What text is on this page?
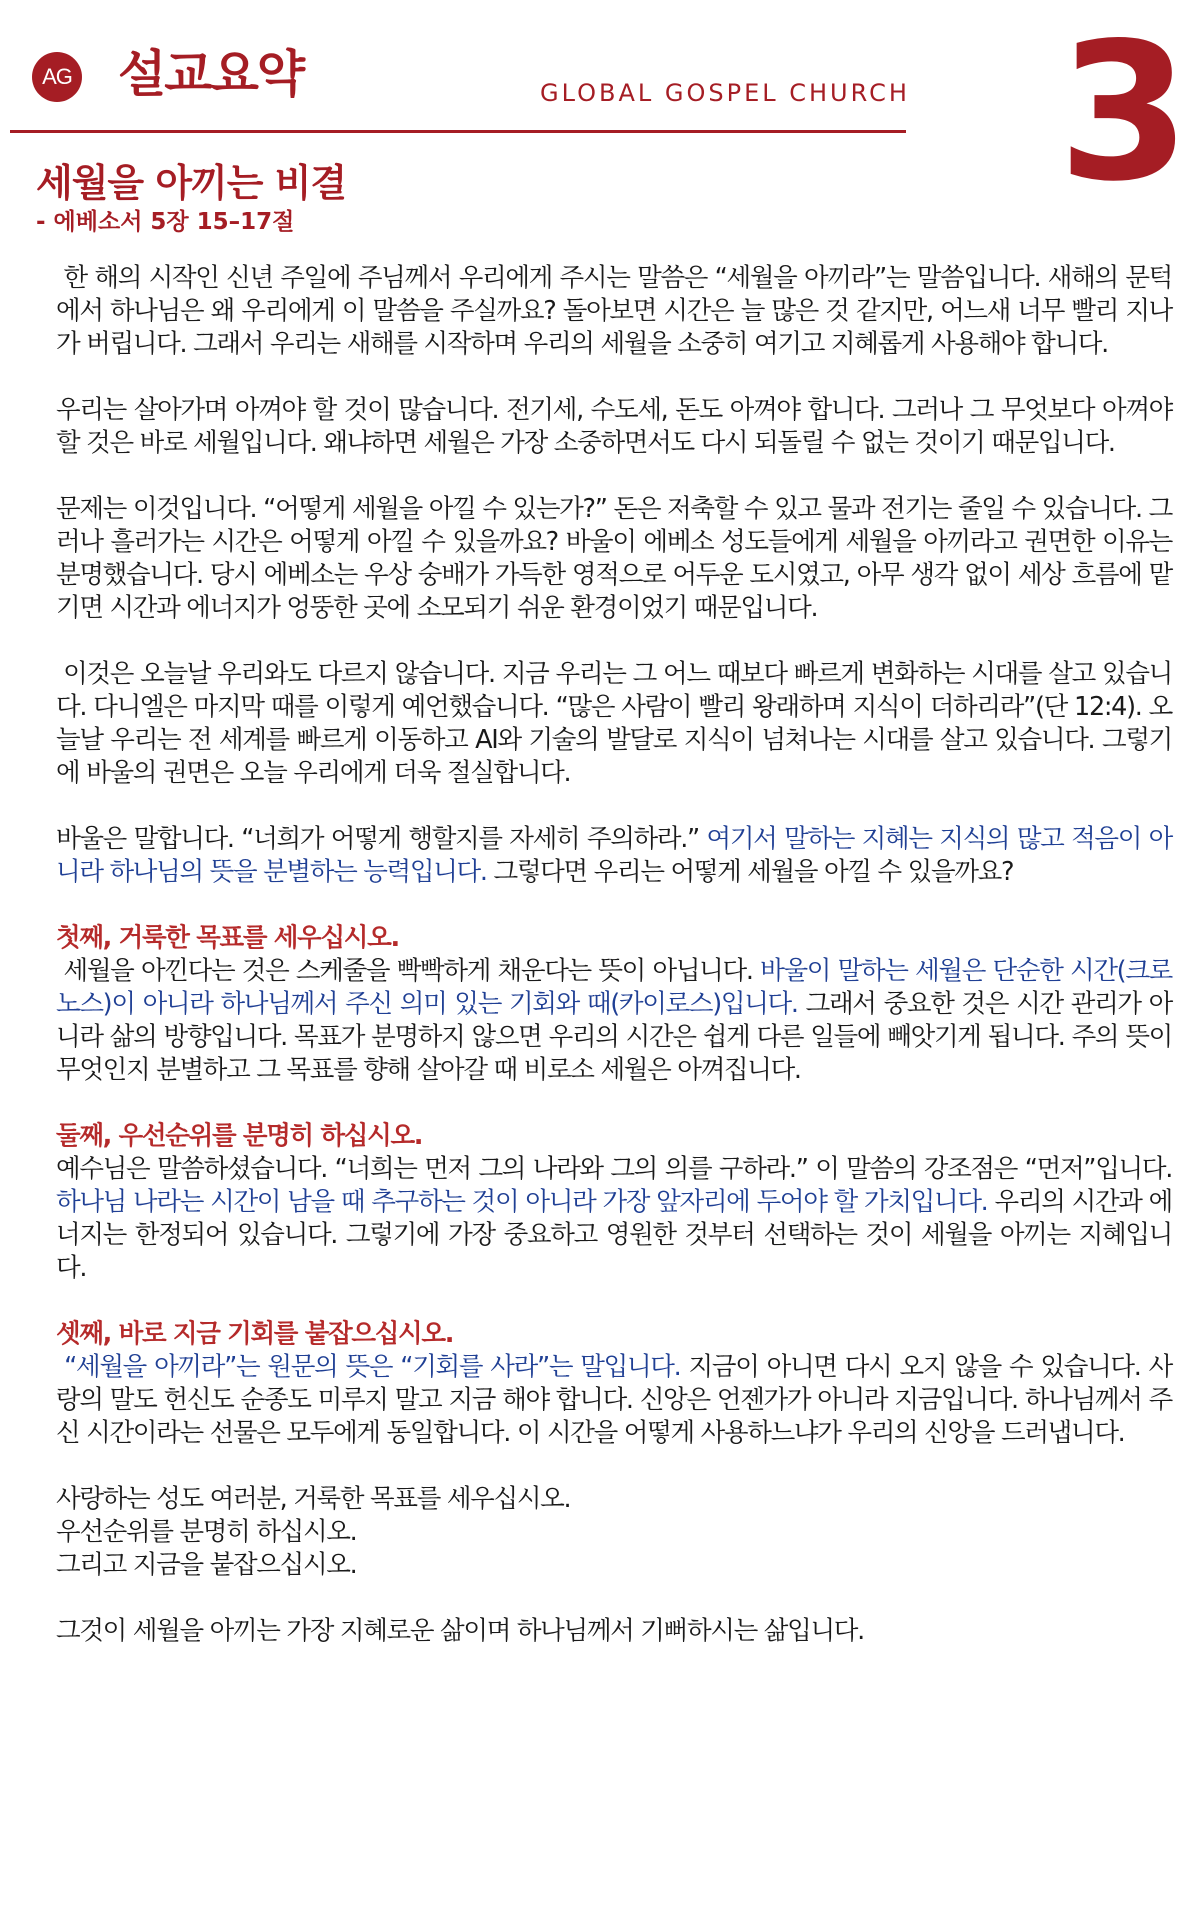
AG 설교요약	GLOBAL GOSPEL CHURCH 3
세월을 아끼는 비결
- 에베소서 5장 15–17절

한 해의 시작인 신년 주일에 주님께서 우리에게 주시는 말씀은 “세월을 아끼라”는 말씀입니다. 새해의 문턱에서 하나님은 왜 우리에게 이 말씀을 주실까요? 돌아보면 시간은 늘 많은 것 같지만, 어느새 너무 빨리 지나가 버립니다. 그래서 우리는 새해를 시작하며 우리의 세월을 소중히 여기고 지혜롭게 사용해야 합니다.

우리는 살아가며 아껴야 할 것이 많습니다. 전기세, 수도세, 돈도 아껴야 합니다. 그러나 그 무엇보다 아껴야 할 것은 바로 세월입니다. 왜냐하면 세월은 가장 소중하면서도 다시 되돌릴 수 없는 것이기 때문입니다.

문제는 이것입니다. “어떻게 세월을 아낄 수 있는가?” 돈은 저축할 수 있고 물과 전기는 줄일 수 있습니다. 그러나 흘러가는 시간은 어떻게 아낄 수 있을까요? 바울이 에베소 성도들에게 세월을 아끼라고 권면한 이유는 분명했습니다. 당시 에베소는 우상 숭배가 가득한 영적으로 어두운 도시였고, 아무 생각 없이 세상 흐름에 맡기면 시간과 에너지가 엉뚱한 곳에 소모되기 쉬운 환경이었기 때문입니다.

이것은 오늘날 우리와도 다르지 않습니다. 지금 우리는 그 어느 때보다 빠르게 변화하는 시대를 살고 있습니다. 다니엘은 마지막 때를 이렇게 예언했습니다. “많은 사람이 빨리 왕래하며 지식이 더하리라”(단 12:4). 오늘날 우리는 전 세계를 빠르게 이동하고 AI와 기술의 발달로 지식이 넘쳐나는 시대를 살고 있습니다. 그렇기에 바울의 권면은 오늘 우리에게 더욱 절실합니다.

바울은 말합니다. “너희가 어떻게 행할지를 자세히 주의하라.” 여기서 말하는 지혜는 지식의 많고 적음이 아니라 하나님의 뜻을 분별하는 능력입니다. 그렇다면 우리는 어떻게 세월을 아낄 수 있을까요?

첫째, 거룩한 목표를 세우십시오.
세월을 아낀다는 것은 스케줄을 빡빡하게 채운다는 뜻이 아닙니다. 바울이 말하는 세월은 단순한 시간(크로노스)이 아니라 하나님께서 주신 의미 있는 기회와 때(카이로스)입니다. 그래서 중요한 것은 시간 관리가 아니라 삶의 방향입니다. 목표가 분명하지 않으면 우리의 시간은 쉽게 다른 일들에 빼앗기게 됩니다. 주의 뜻이 무엇인지 분별하고 그 목표를 향해 살아갈 때 비로소 세월은 아껴집니다.

둘째, 우선순위를 분명히 하십시오.
예수님은 말씀하셨습니다. “너희는 먼저 그의 나라와 그의 의를 구하라.” 이 말씀의 강조점은 “먼저”입니다. 하나님 나라는 시간이 남을 때 추구하는 것이 아니라 가장 앞자리에 두어야 할 가치입니다. 우리의 시간과 에너지는 한정되어 있습니다. 그렇기에 가장 중요하고 영원한 것부터 선택하는 것이 세월을 아끼는 지혜입니다.

셋째, 바로 지금 기회를 붙잡으십시오.
“세월을 아끼라”는 원문의 뜻은 “기회를 사라”는 말입니다. 지금이 아니면 다시 오지 않을 수 있습니다. 사랑의 말도 헌신도 순종도 미루지 말고 지금 해야 합니다. 신앙은 언젠가가 아니라 지금입니다. 하나님께서 주신 시간이라는 선물은 모두에게 동일합니다. 이 시간을 어떻게 사용하느냐가 우리의 신앙을 드러냅니다.

사랑하는 성도 여러분, 거룩한 목표를 세우십시오.

우선순위를 분명히 하십시오.

그리고 지금을 붙잡으십시오.

그것이 세월을 아끼는 가장 지혜로운 삶이며 하나님께서 기뻐하시는 삶입니다.
